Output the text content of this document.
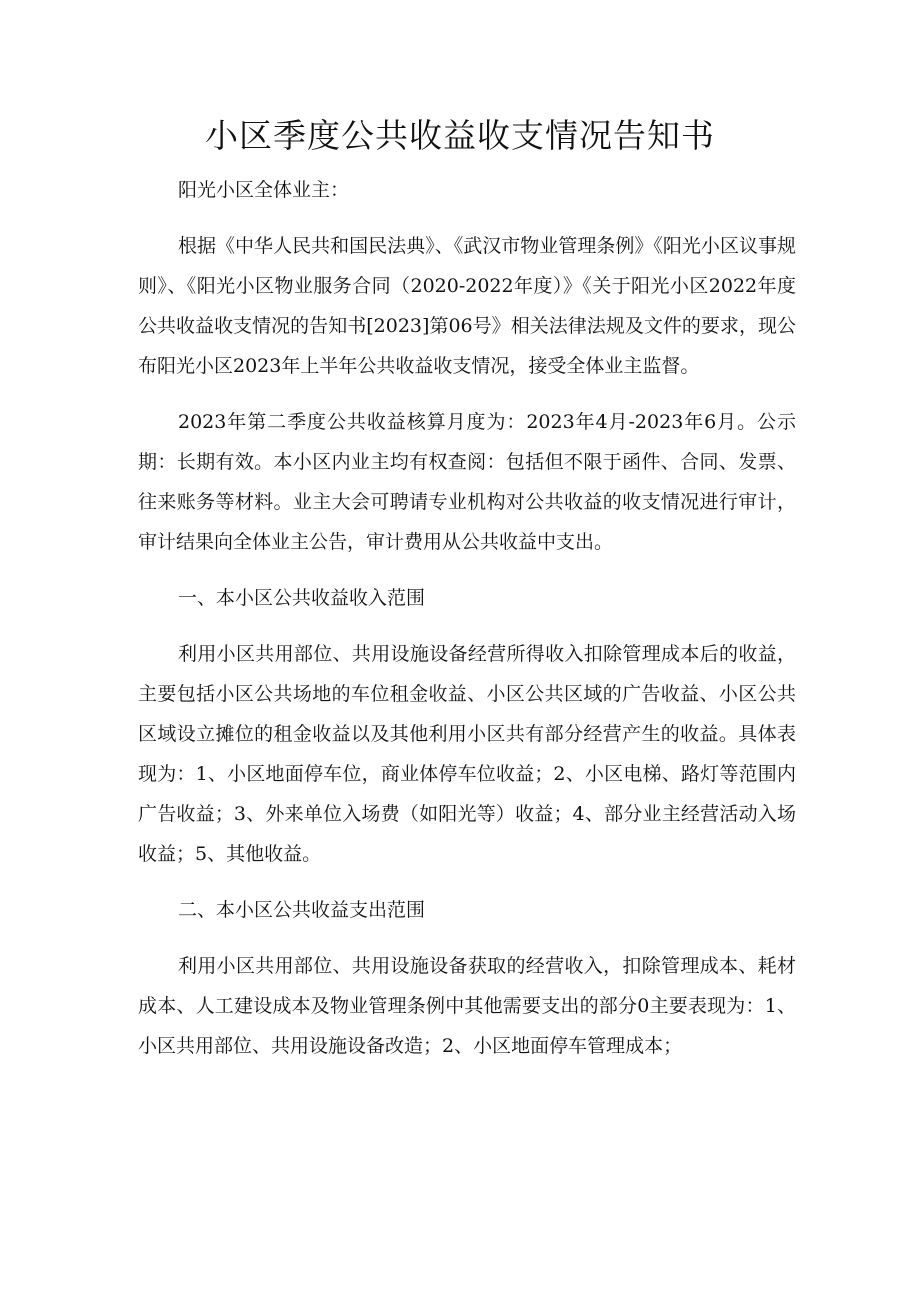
小区季度公共收益收支情况告知书

阳光小区全体业主：

根据《中华人民共和国民法典》、《武汉市物业管理条例》《阳光小区议事规则》、《阳光小区物业服务合同（2020-2022年度）》《关于阳光小区2022年度公共收益收支情况的告知书[2023]第06号》相关法律法规及文件的要求，现公布阳光小区2023年上半年公共收益收支情况，接受全体业主监督。

2023年第二季度公共收益核算月度为：2023年4月-2023年6月。公示期：长期有效。本小区内业主均有权查阅：包括但不限于函件、合同、发票、往来账务等材料。业主大会可聘请专业机构对公共收益的收支情况进行审计，审计结果向全体业主公告，审计费用从公共收益中支出。

一、本小区公共收益收入范围

利用小区共用部位、共用设施设备经营所得收入扣除管理成本后的收益，主要包括小区公共场地的车位租金收益、小区公共区域的广告收益、小区公共区域设立摊位的租金收益以及其他利用小区共有部分经营产生的收益。具体表现为：1、小区地面停车位，商业体停车位收益；2、小区电梯、路灯等范围内广告收益；3、外来单位入场费（如阳光等）收益；4、部分业主经营活动入场收益；5、其他收益。

二、本小区公共收益支出范围

利用小区共用部位、共用设施设备获取的经营收入，扣除管理成本、耗材成本、人工建设成本及物业管理条例中其他需要支出的部分0主要表现为：1、小区共用部位、共用设施设备改造；2、小区地面停车管理成本；
